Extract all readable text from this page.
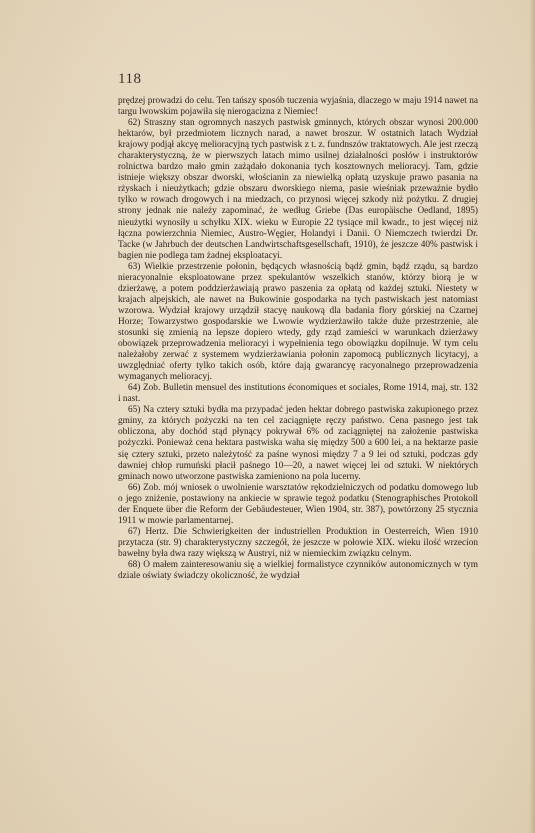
118

prędzej prowadzi do celu. Ten tańszy sposób tuczenia wyjaśnia, dlaczego w maju 1914 nawet na targu lwowskim pojawiła się nierogacizna z Niemiec!

62) Straszny stan ogromnych naszych pastwisk gminnych, których obszar wynosi 200.000 hektarów, był przedmiotem licznych narad, a nawet broszur. W ostatnich latach Wydział krajowy podjął akcyę melioracyjną tych pastwisk z t. z. fundnszów traktatowych. Ale jest rzeczą charakterystyczną, że w pierwszych latach mimo usilnej działalności posłów i instruktorów rolnictwa bardzo mało gmin zażądało dokonania tych kosztownych melioracyj. Tam, gdzie istnieje większy obszar dworski, włościanin za niewielką opłatą uzyskuje prawo pasania na rżyskach i nieużytkach; gdzie obszaru dworskiego niema, pasie wieśniak przeważnie bydło tylko w rowach drogowych i na miedzach, co przynosi więcej szkody niż pożytku. Z drugiej strony jednak nie należy zapominać, że według Griebe (Das europäische Oedland, 1895) nieużytki wynosiły u schyłku XIX. wieku w Europie 22 tysiące mil kwadr., to jest więcej niż łączna powierzchnia Niemiec, Austro-Węgier, Holandyi i Danii. O Niemczech twierdzi Dr. Tacke (w Jahrbuch der deutschen Landwirtschaftsgesellschaft, 1910), że jeszcze 40% pastwisk i bagien nie podlega tam żadnej eksploatacyi.

63) Wielkie przestrzenie połonin, będących własnością bądź gmin, bądź rządu, są bardzo nieracyonalnie eksploatowane przez spekulantów wszelkich stanów, którzy biorą je w dzierżawę, a potem poddzierżawiają prawo paszenia za opłatą od każdej sztuki. Niestety w krajach alpejskich, ale nawet na Bukowinie gospodarka na tych pastwiskach jest natomiast wzorowa. Wydział krajowy urządził stacyę naukową dla badania flory górskiej na Czarnej Horze; Towarzystwo gospodarskie we Lwowie wydzierżawiło także duże przestrzenie, ale stosunki się zmienią na lepsze dopiero wtedy, gdy rząd zamieści w warunkach dzierżawy obowiązek przeprowadzenia melioracyi i wypełnienia tego obowiązku dopilnuje. W tym celu należałoby zerwać z systemem wydzierżawiania połonin zapomocą publicznych licytacyj, a uwzględniać oferty tylko takich osób, które dają gwarancyę racyonalnego przeprowadzenia wymaganych melioracyj.

64) Zob. Bulletin mensuel des institutions économiques et sociales, Rome 1914, maj, str. 132 i nast.

65) Na cztery sztuki bydła ma przypadać jeden hektar dobrego pastwiska zakupionego przez gminy, za których pożyczki na ten cel zaciągnięte ręczy państwo. Cena pasnego jest tak obliczona, aby dochód stąd płynący pokrywał 6% od zaciągniętej na założenie pastwiska pożyczki. Ponieważ cena hektara pastwiska waha się między 500 a 600 lei, a na hektarze pasie się cztery sztuki, przeto należytość za paśne wynosi między 7 a 9 lei od sztuki, podczas gdy dawniej chłop rumuński płacił paśnego 10—20, a nawet więcej lei od sztuki. W niektórych gminach nowo utworzone pastwiska zamieniono na pola lucerny.

66) Zob. mój wniosek o uwolnienie warsztatów rękodzielniczych od podatku domowego lub o jego zniżenie, postawiony na ankiecie w sprawie tegoż podatku (Stenographisches Protokoll der Enquete über die Reform der Gebäudesteuer, Wien 1904, str. 387), powtórzony 25 stycznia 1911 w mowie parlamentarnej.

67) Hertz. Die Schwierigkeiten der industriellen Produktion in Oesterreich, Wien 1910 przytacza (str. 9) charakterystyczny szczegół, że jeszcze w połowie XIX. wieku ilość wrzecion bawełny była dwa razy większą w Austryi, niż w niemieckim związku celnym.

68) O małem zainteresowaniu się a wielkiej formalistyce czynników autonomicznych w tym dziale oświaty świadczy okoliczność, że wydział
